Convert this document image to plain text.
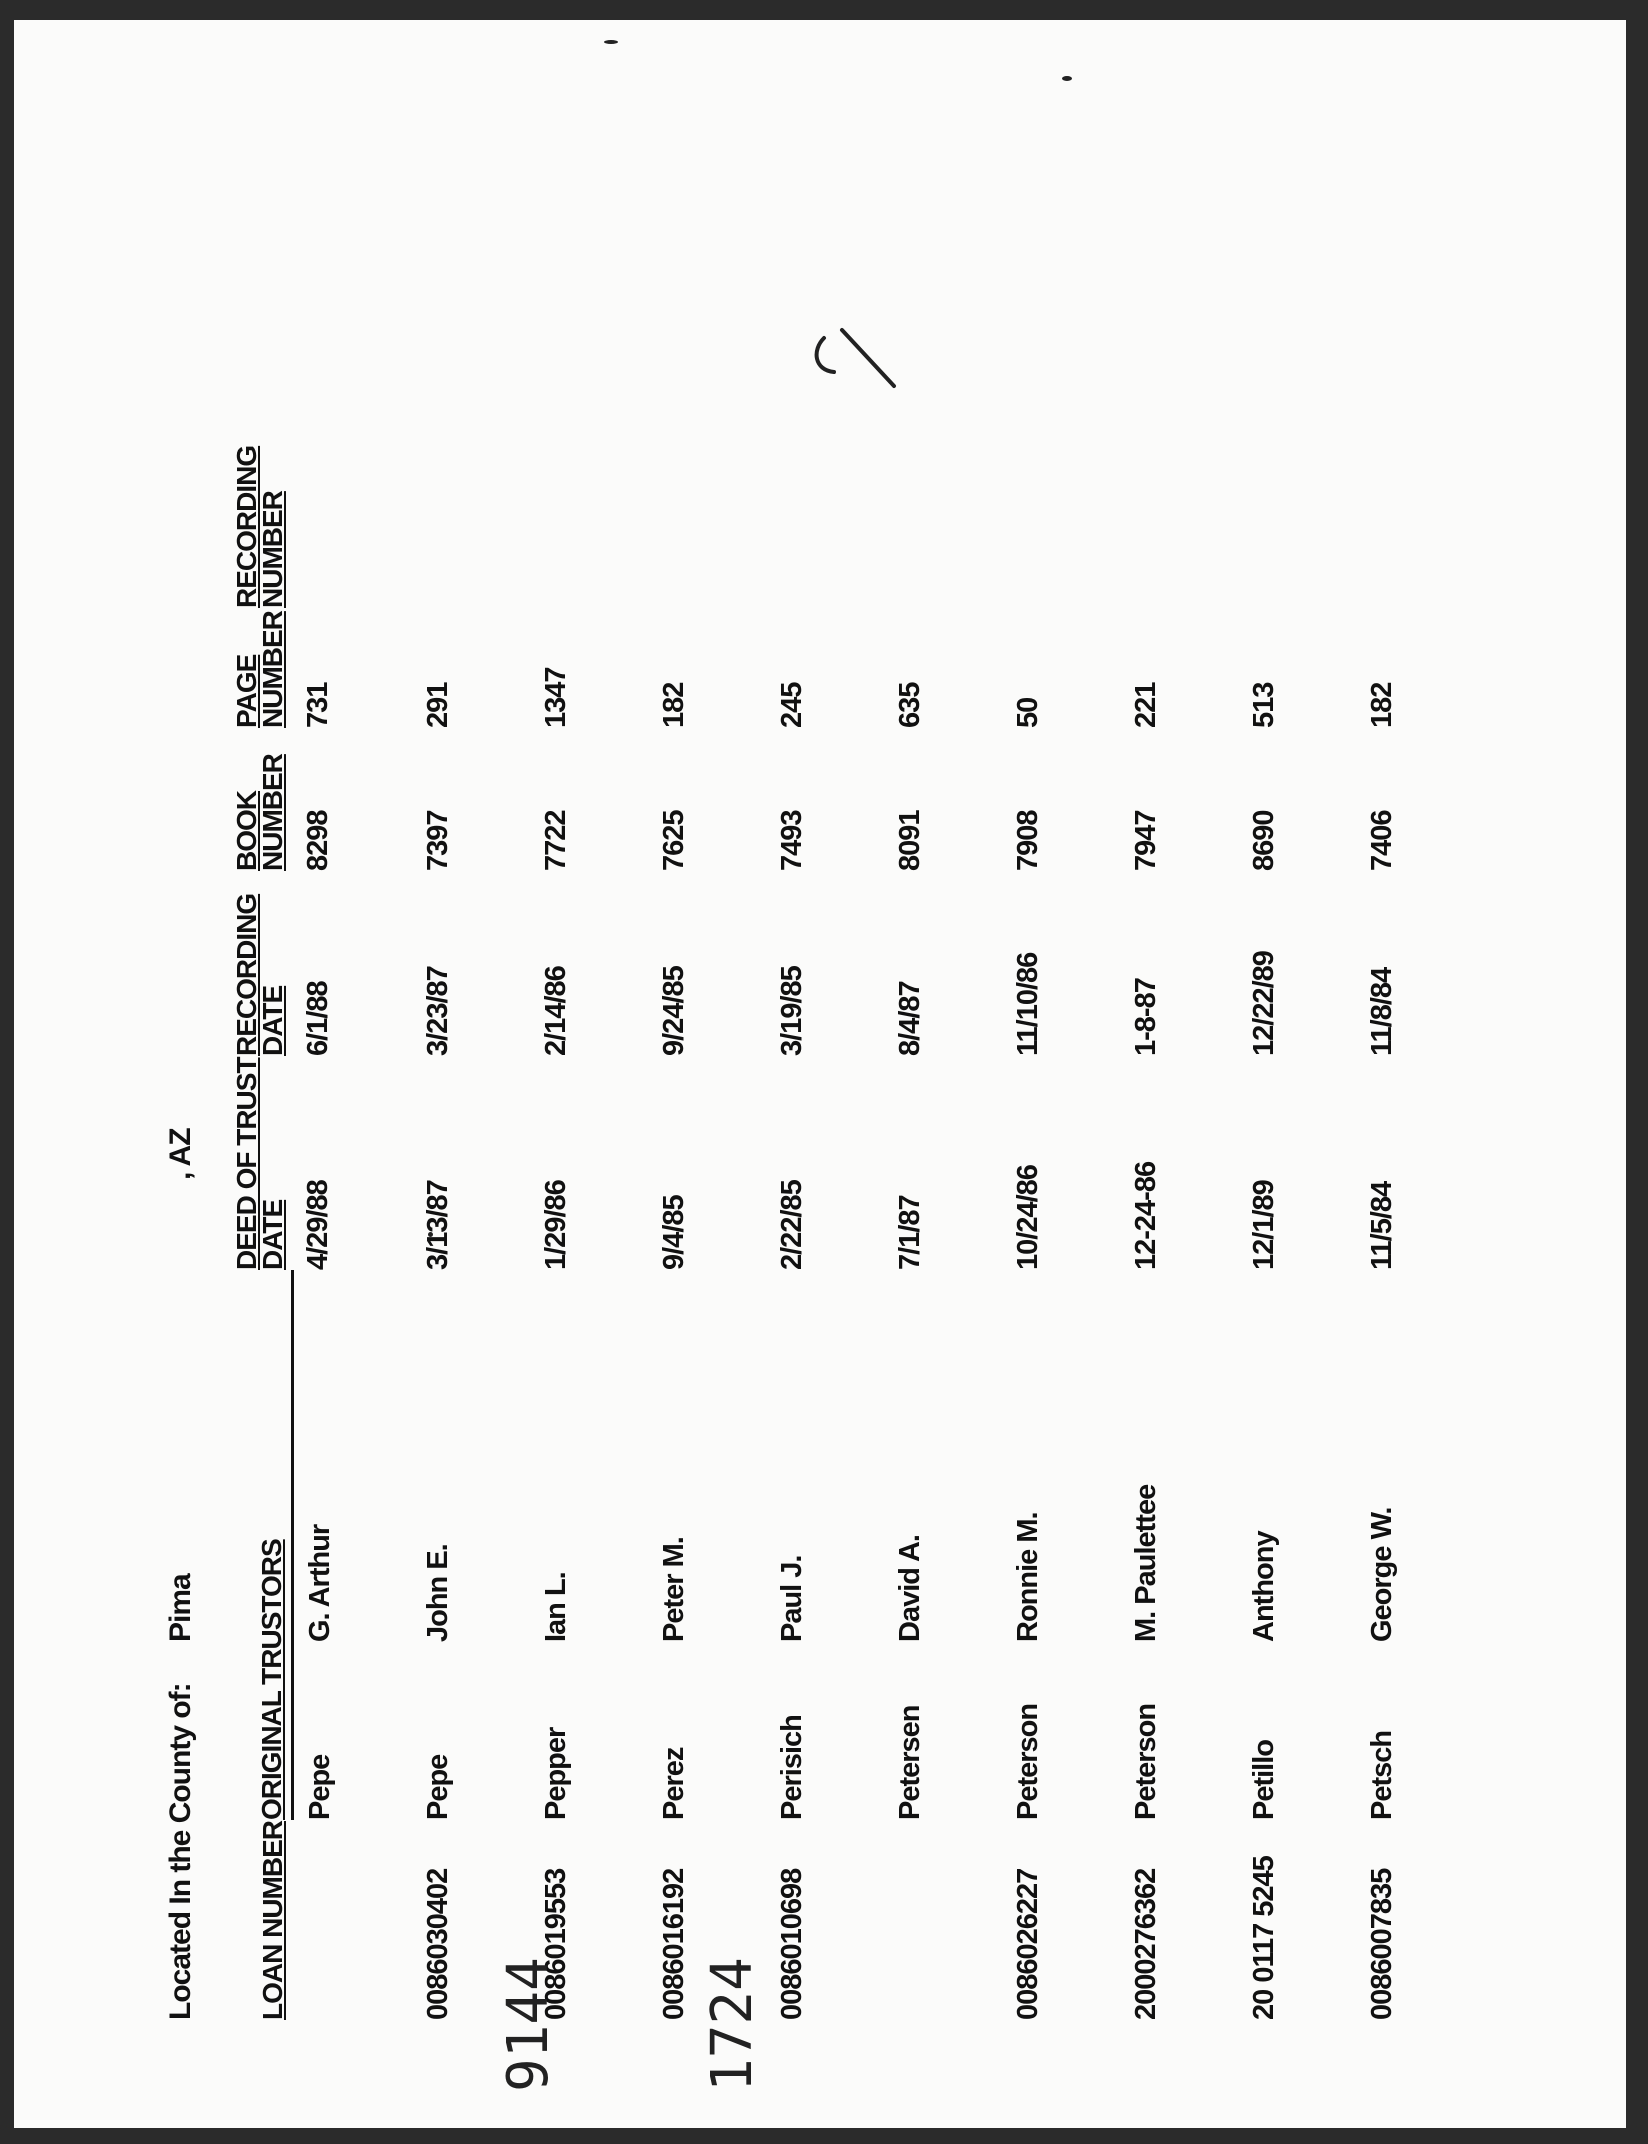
Located In the County of: Pima
, AZ
LOAN NUMBER	ORIGINAL TRUSTORS		DEED OF TRUST DATE	RECORDING DATE	BOOK NUMBER	PAGE NUMBER	RECORDING NUMBER
	Pepe	G. Arthur	4/29/88	6/1/88	8298	731	
0086030402	Pepe	John E.	3/13/87	3/23/87	7397	291	
0086019553	Pepper	Ian L.	1/29/86	2/14/86	7722	1347	
0086016192	Perez	Peter M.	9/4/85	9/24/85	7625	182	
0086010698	Perisich	Paul J.	2/22/85	3/19/85	7493	245	
	Petersen	David A.	7/1/87	8/4/87	8091	635	
0086026227	Peterson	Ronnie M.	10/24/86	11/10/86	7908	50	
2000276362	Peterson	M. Paulettee	12-24-86	1-8-87	7947	221	
20 0117 5245	Petillo	Anthony	12/1/89	12/22/89	8690	513	
0086007835	Petsch	George W.	11/5/84	11/8/84	7406	182	
9144 1724
